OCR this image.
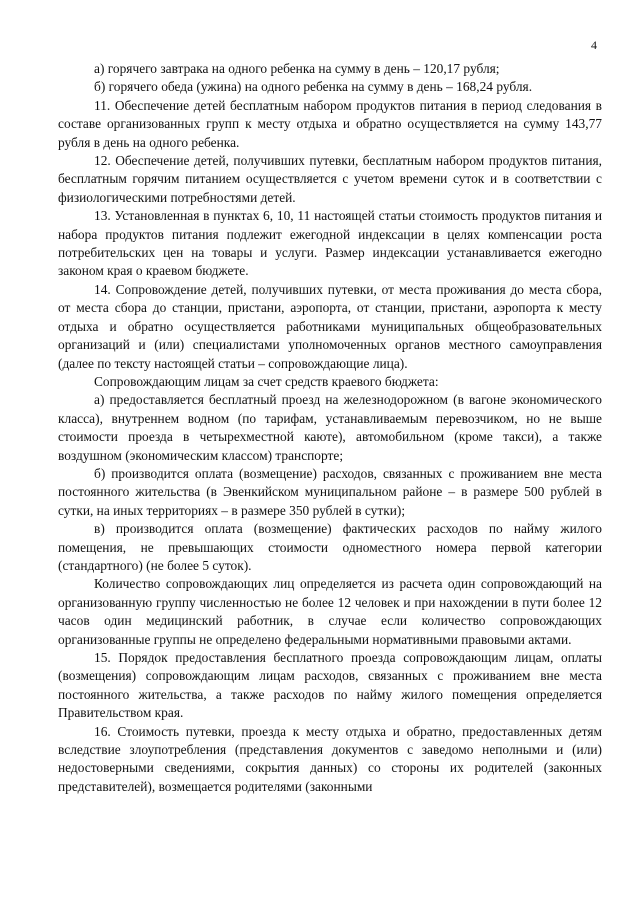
4

а) горячего завтрака на одного ребенка на сумму в день – 120,17 рубля;

б) горячего обеда (ужина) на одного ребенка на сумму в день – 168,24 рубля.

11. Обеспечение детей бесплатным набором продуктов питания в период следования в составе организованных групп к месту отдыха и обратно осуществляется на сумму 143,77 рубля в день на одного ребенка.

12. Обеспечение детей, получивших путевки, бесплатным набором продуктов питания, бесплатным горячим питанием осуществляется с учетом времени суток и в соответствии с физиологическими потребностями детей.

13. Установленная в пунктах 6, 10, 11 настоящей статьи стоимость продуктов питания и набора продуктов питания подлежит ежегодной индексации в целях компенсации роста потребительских цен на товары и услуги. Размер индексации устанавливается ежегодно законом края о краевом бюджете.

14. Сопровождение детей, получивших путевки, от места проживания до места сбора, от места сбора до станции, пристани, аэропорта, от станции, пристани, аэропорта к месту отдыха и обратно осуществляется работниками муниципальных общеобразовательных организаций и (или) специалистами уполномоченных органов местного самоуправления (далее по тексту настоящей статьи – сопровождающие лица).

Сопровождающим лицам за счет средств краевого бюджета:

а) предоставляется бесплатный проезд на железнодорожном (в вагоне экономического класса), внутреннем водном (по тарифам, устанавливаемым перевозчиком, но не выше стоимости проезда в четырехместной каюте), автомобильном (кроме такси), а также воздушном (экономическим классом) транспорте;

б) производится оплата (возмещение) расходов, связанных с проживанием вне места постоянного жительства (в Эвенкийском муниципальном районе – в размере 500 рублей в сутки, на иных территориях – в размере 350 рублей в сутки);

в) производится оплата (возмещение) фактических расходов по найму жилого помещения, не превышающих стоимости одноместного номера первой категории (стандартного) (не более 5 суток).

Количество сопровождающих лиц определяется из расчета один сопровождающий на организованную группу численностью не более 12 человек и при нахождении в пути более 12 часов один медицинский работник, в случае если количество сопровождающих организованные группы не определено федеральными нормативными правовыми актами.

15. Порядок предоставления бесплатного проезда сопровождающим лицам, оплаты (возмещения) сопровождающим лицам расходов, связанных с проживанием вне места постоянного жительства, а также расходов по найму жилого помещения определяется Правительством края.

16. Стоимость путевки, проезда к месту отдыха и обратно, предоставленных детям вследствие злоупотребления (представления документов с заведомо неполными и (или) недостоверными сведениями, сокрытия данных) со стороны их родителей (законных представителей), возмещается родителями (законными
